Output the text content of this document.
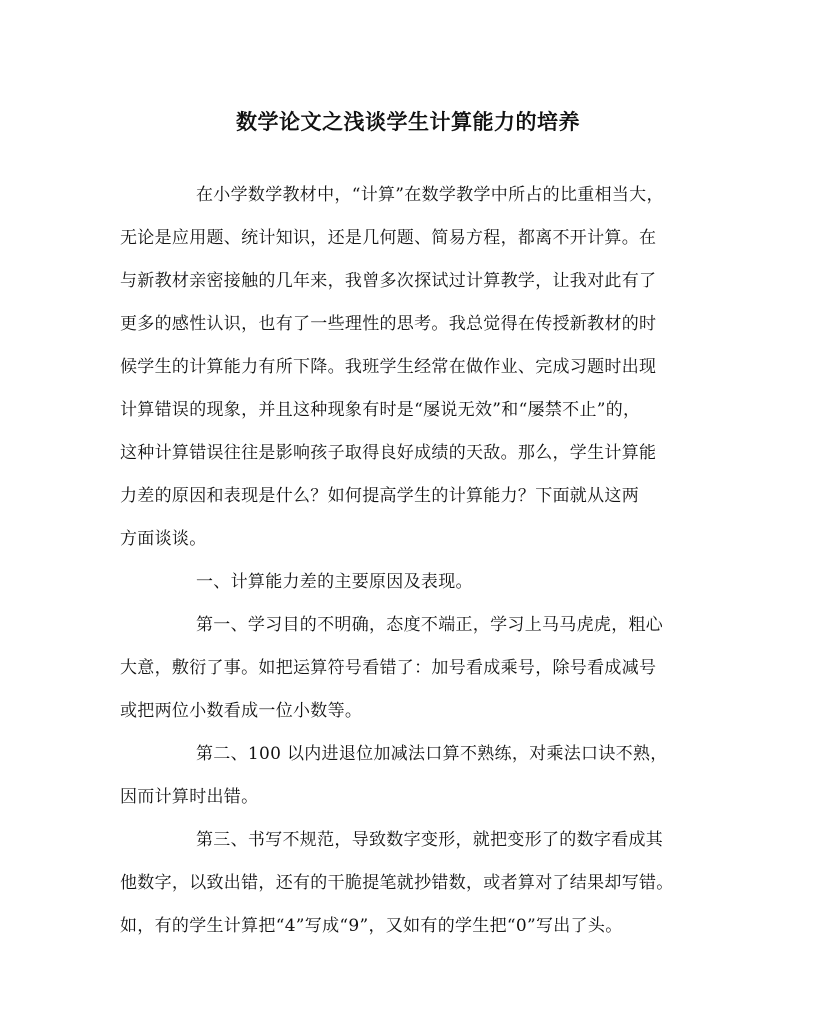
数学论文之浅谈学生计算能力的培养
在小学数学教材中，“计算”在数学教学中所占的比重相当大，
无论是应用题、统计知识，还是几何题、简易方程，都离不开计算。在
与新教材亲密接触的几年来，我曾多次探试过计算教学，让我对此有了
更多的感性认识，也有了一些理性的思考。我总觉得在传授新教材的时
候学生的计算能力有所下降。我班学生经常在做作业、完成习题时出现
计算错误的现象，并且这种现象有时是“屡说无效”和“屡禁不止”的，
这种计算错误往往是影响孩子取得良好成绩的天敌。那么，学生计算能
力差的原因和表现是什么？如何提高学生的计算能力？下面就从这两
方面谈谈。
一、计算能力差的主要原因及表现。
第一、学习目的不明确，态度不端正，学习上马马虎虎，粗心
大意，敷衍了事。如把运算符号看错了：加号看成乘号，除号看成减号
或把两位小数看成一位小数等。
第二、100 以内进退位加减法口算不熟练，对乘法口诀不熟，
因而计算时出错。
第三、书写不规范，导致数字变形，就把变形了的数字看成其
他数字，以致出错，还有的干脆提笔就抄错数，或者算对了结果却写错。
如，有的学生计算把“4”写成“9”，又如有的学生把“0”写出了头。
